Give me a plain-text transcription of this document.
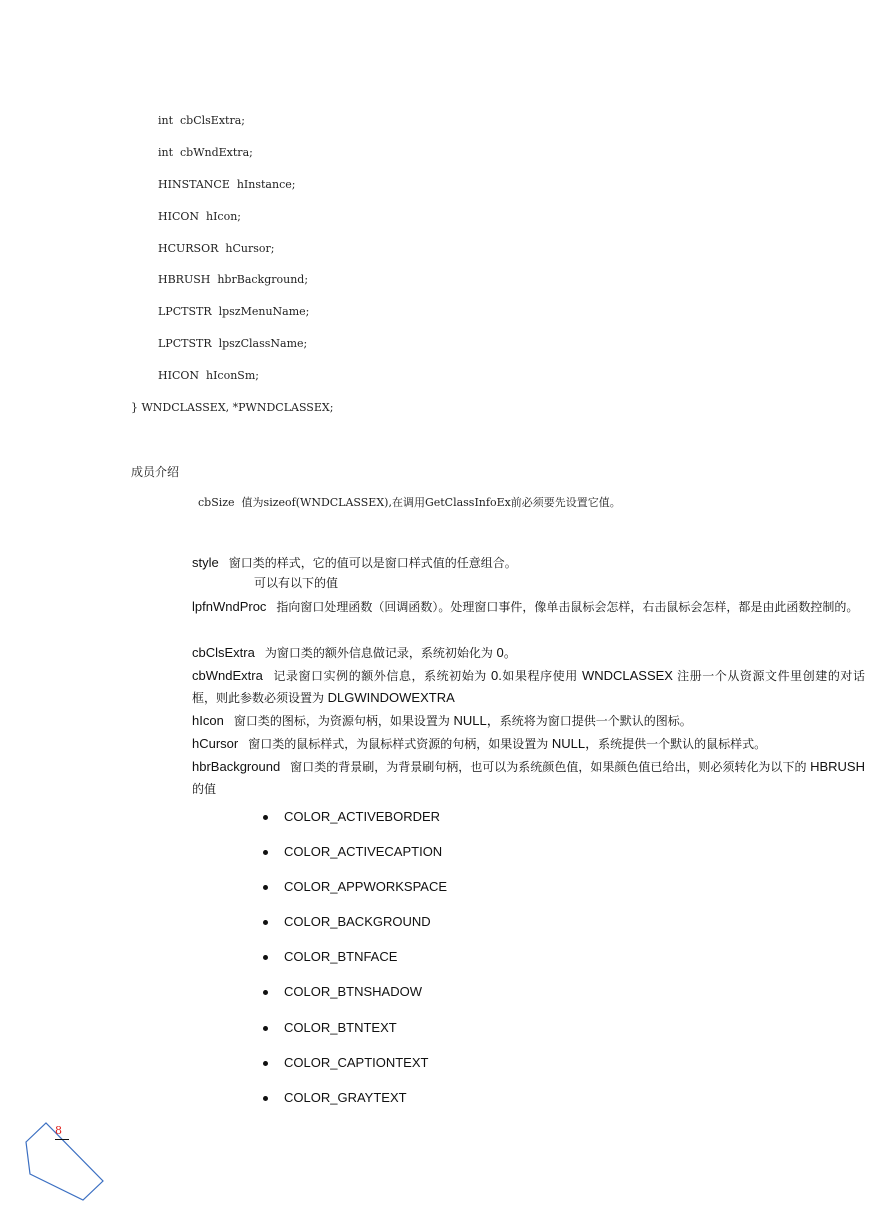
int  cbClsExtra;
int  cbWndExtra;
HINSTANCE  hInstance;
HICON  hIcon;
HCURSOR  hCursor;
HBRUSH  hbrBackground;
LPCTSTR  lpszMenuName;
LPCTSTR  lpszClassName;
HICON  hIconSm;
} WNDCLASSEX, *PWNDCLASSEX;
成员介绍
cbSize  值为sizeof(WNDCLASSEX),在调用GetClassInfoEx前必须要先设置它值。
style 窗口类的样式，它的值可以是窗口样式值的任意组合。
可以有以下的值
lpfnWndProc 指向窗口处理函数（回调函数）。处理窗口事件，像单击鼠标会怎样，右击鼠标会怎样，都是由此函数控制的。
cbClsExtra 为窗口类的额外信息做记录，系统初始化为 0。
cbWndExtra 记录窗口实例的额外信息，系统初始为 0.如果程序使用 WNDCLASSEX 注册一个从资源文件里创建的对话框，则此参数必须设置为 DLGWINDOWEXTRA
hIcon 窗口类的图标，为资源句柄，如果设置为 NULL，系统将为窗口提供一个默认的图标。
hCursor 窗口类的鼠标样式，为鼠标样式资源的句柄，如果设置为 NULL，系统提供一个默认的鼠标样式。
hbrBackground 窗口类的背景刷，为背景刷句柄，也可以为系统颜色值，如果颜色值已给出，则必须转化为以下的 HBRUSH 的值
COLOR_ACTIVEBORDER
COLOR_ACTIVECAPTION
COLOR_APPWORKSPACE
COLOR_BACKGROUND
COLOR_BTNFACE
COLOR_BTNSHADOW
COLOR_BTNTEXT
COLOR_CAPTIONTEXT
COLOR_GRAYTEXT
8
